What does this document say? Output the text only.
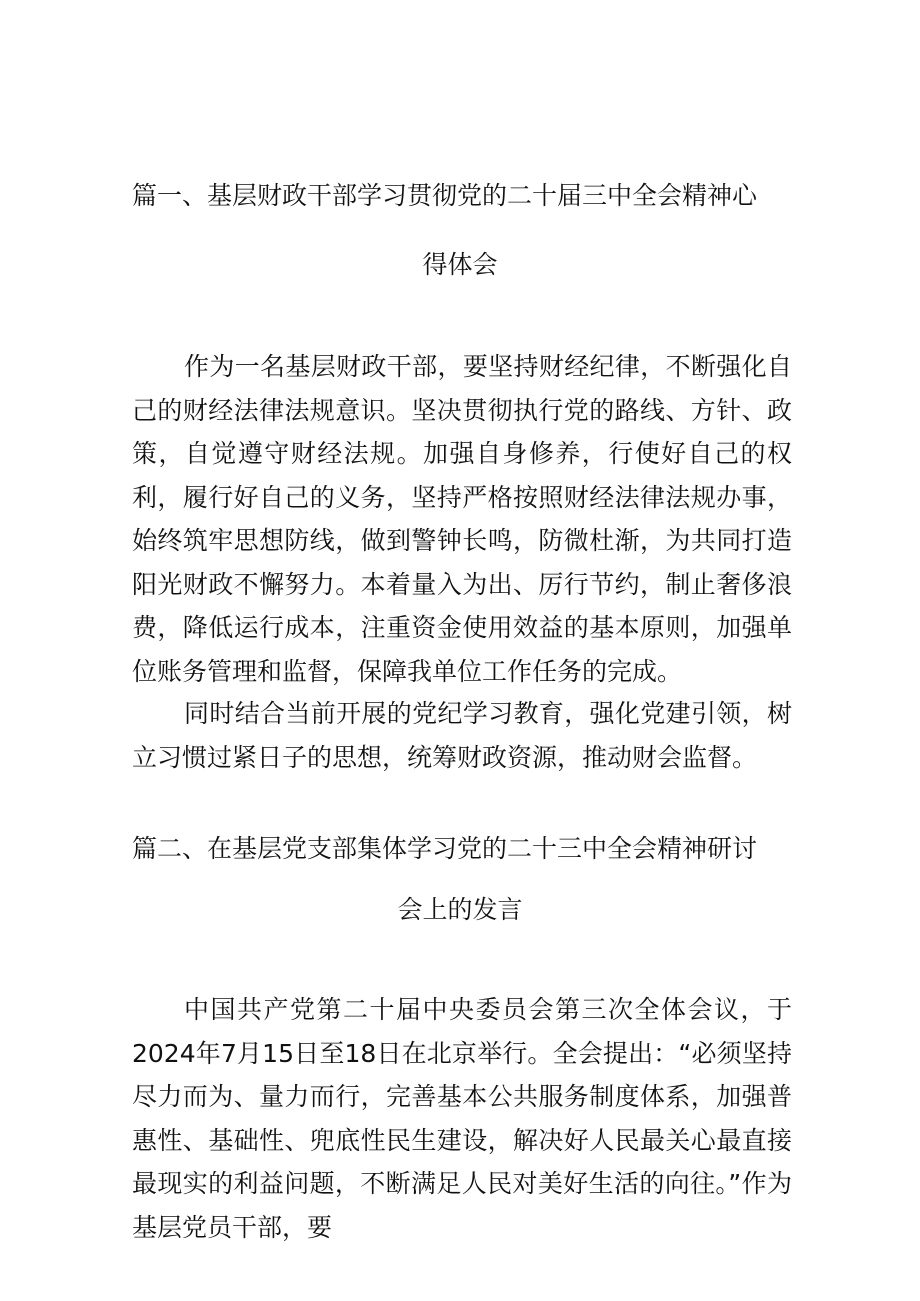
篇一、基层财政干部学习贯彻党的二十届三中全会精神心
得体会

作为一名基层财政干部，要坚持财经纪律，不断强化自己的财经法律法规意识。坚决贯彻执行党的路线、方针、政策，自觉遵守财经法规。加强自身修养，行使好自己的权利，履行好自己的义务，坚持严格按照财经法律法规办事，始终筑牢思想防线，做到警钟长鸣，防微杜渐，为共同打造阳光财政不懈努力。本着量入为出、厉行节约，制止奢侈浪费，降低运行成本，注重资金使用效益的基本原则，加强单位账务管理和监督，保障我单位工作任务的完成。

同时结合当前开展的党纪学习教育，强化党建引领，树立习惯过紧日子的思想，统筹财政资源，推动财会监督。

篇二、在基层党支部集体学习党的二十三中全会精神研讨
会上的发言

中国共产党第二十届中央委员会第三次全体会议，于2024年7月15日至18日在北京举行。全会提出：“必须坚持尽力而为、量力而行，完善基本公共服务制度体系，加强普惠性、基础性、兜底性民生建设，解决好人民最关心最直接最现实的利益问题，不断满足人民对美好生活的向往。”作为基层党员干部，要
